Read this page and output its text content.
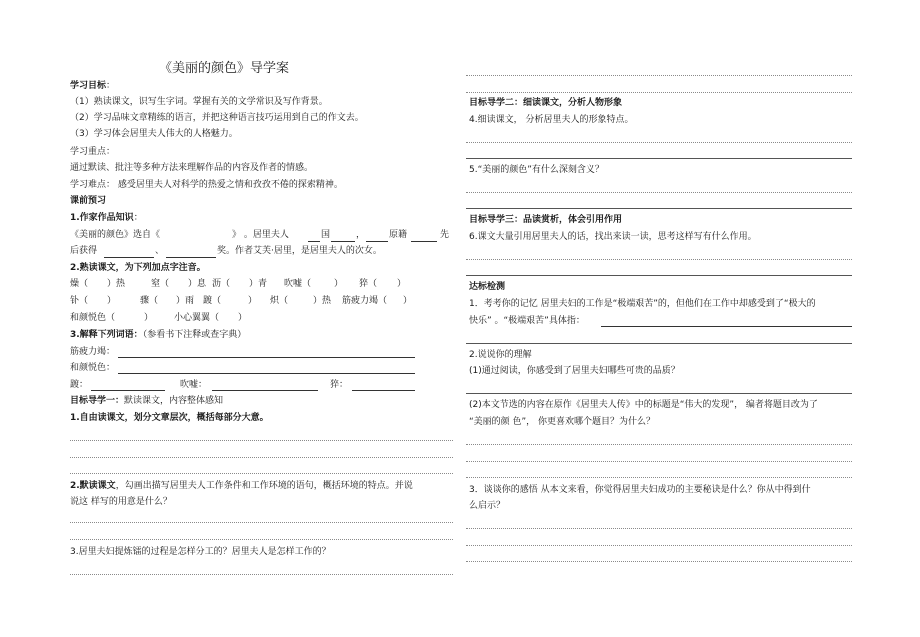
《美丽的颜色》导学案
学习目标：
（1）熟读课文，识写生字词。掌握有关的文学常识及写作背景。
（2）学习品味文章精练的语言，并把这种语言技巧运用到自己的作文去。
（3）学习体会居里夫人伟大的人格魅力。
学习重点：
通过默读、批注等多种方法来理解作品的内容及作者的情感。
学习难点： 感受居里夫人对科学的热爱之情和孜孜不倦的探索精神。
课前预习
1.作家作品知识：
《美丽的颜色》选自《	》 。居里夫人	国	，	原籍	先
后获得	、	奖。作者艾芙·居里，是居里夫人的次女。
2.熟读课文，为下列加点字注音。
燥（ ）热	窒（ ）息 沥（ ）青 吹嘘（	） 猝（ ）
钋（ ）	骤（ ）雨 踱（	） 炽（	）热 筋疲力竭（ ）
和颜悦色（	） 小心翼翼（ ）
3.解释下列词语：（参看书下注释或查字典）
筋疲力竭：
和颜悦色：
踱：	吹嘘：	猝：
目标导学一：默读课文，内容整体感知
1.自由读课文，划分文章层次，概括每部分大意。
2.默读课文，勾画出描写居里夫人工作条件和工作环境的语句，概括环境的特点。并说
说这 样写的用意是什么？
3.居里夫妇提炼镭的过程是怎样分工的？居里夫人是怎样工作的？
目标导学二：细读课文，分析人物形象
4.细读课文， 分析居里夫人的形象特点。
5.“美丽的颜色”有什么深刻含义？
目标导学三：品读赏析，体会引用作用
6.课文大量引用居里夫人的话，找出来读一读，思考这样写有什么作用。
达标检测
1．考考你的记忆 居里夫妇的工作是“极端艰苦”的，但他们在工作中却感受到了“极大的
快乐” 。“极端艰苦”具体指：
2.说说你的理解
(1)通过阅读，你感受到了居里夫妇哪些可贵的品质？
(2)本文节选的内容在原作《居里夫人传》中的标题是“伟大的发现”， 编者将题目改为了
“美丽的颜 色”， 你更喜欢哪个题目？为什么？
3．谈谈你的感悟 从本文来看，你觉得居里夫妇成功的主要秘诀是什么？你从中得到什
么启示？
